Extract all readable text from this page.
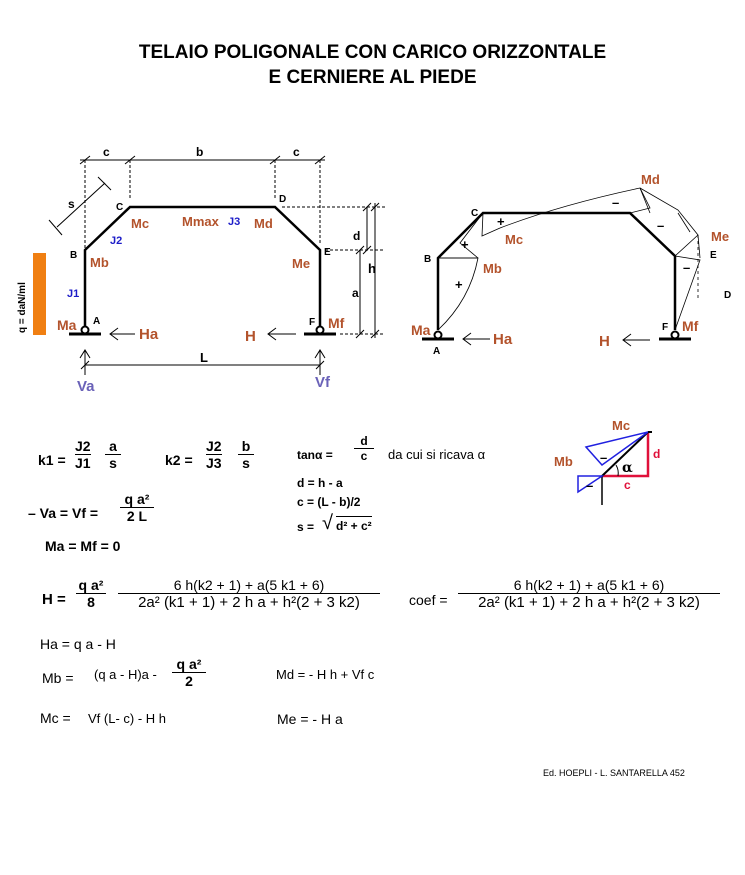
TELAIO POLIGONALE CON CARICO ORIZZONTALE
E CERNIERE AL PIEDE
q = daN/ml
c	b	c
s
d
h
a
L
B
C
D
E
A	F
J2
J3
J1
Mc	Mmax	Md
Mb	Me
Ma	Mf
Ha	H
Va	Vf
+
+
+
–
–
–
B
C
D
E
A
F
Md
Mc
Mb
Me
Ma	Mf
Ha	H
Mc
Mb	d
c
α
–
–
$k1 = \frac{J2}{J1}$ a

s	$k2 = \frac{J2}{J3}$ b

s	$\tan\alpha = \frac{d}{c}$ da cui si ricava α
d = h - a
c = (L - b)/2
s = √ d² + c²
– $Va = Vf = \frac{\text{q a²}}{2 L}$
Ma = Mf = 0
H =
q a²

8
6 h(k2 + 1) + a(5 k1 + 6)

2a² (k1 + 1) + 2 h a + h²(2 + 3 k2)	coef = $\frac{6 h(k2 + 1) + a(5 k1 + 6)}{\text{2a² (k1 + 1) + 2 h a + h²(2 + 3 k2)}}$
Ha = q a - H
Mb = (q a - $H)a - \frac{\text{q a²}}{2}$	Md = - H h + Vf c
Mc = Vf (L- c) - H h	Me = - H a
Ed. HOEPLI - L. SANTARELLA 452
